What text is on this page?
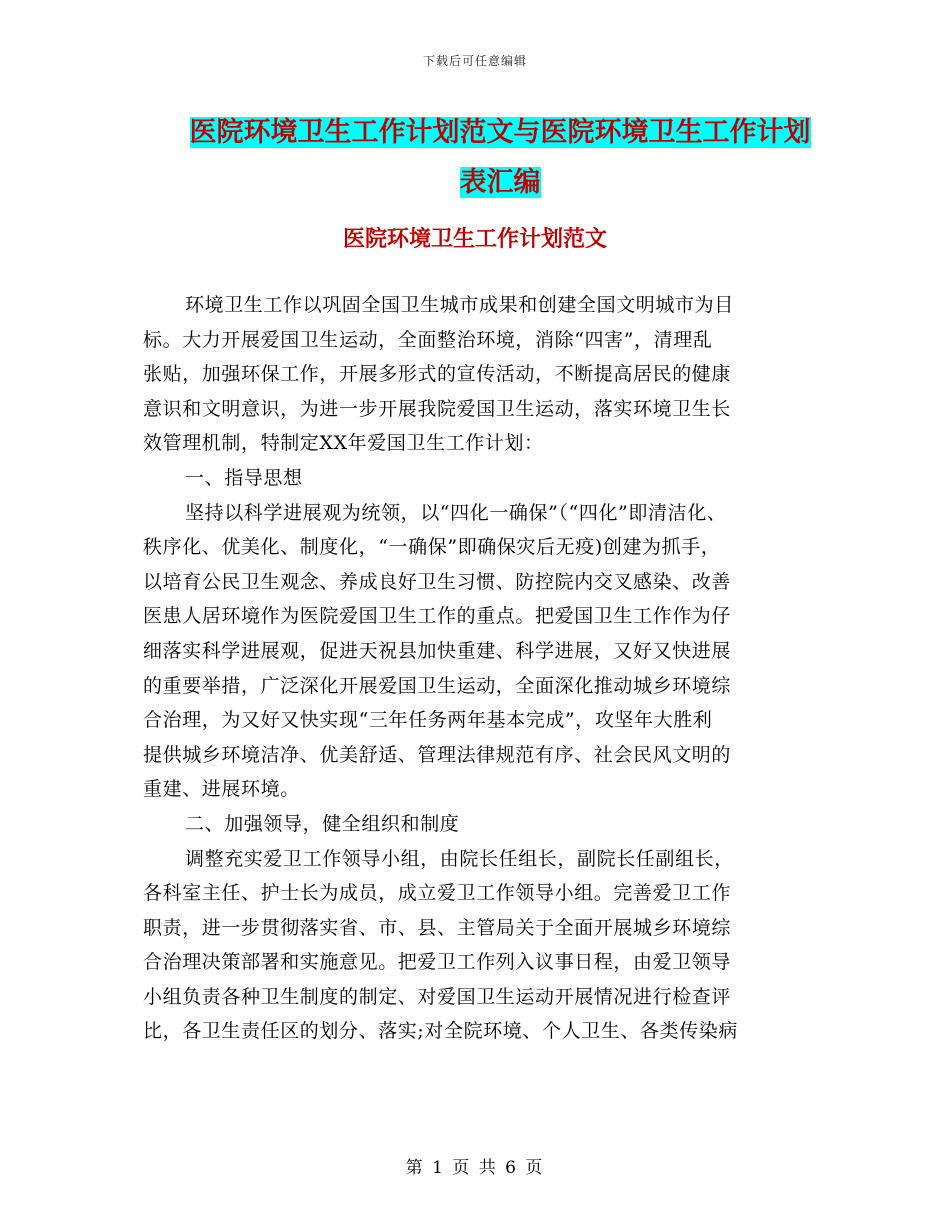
下载后可任意编辑
医院环境卫生工作计划范文与医院环境卫生工作计划
表汇编
医院环境卫生工作计划范文
环境卫生工作以巩固全国卫生城市成果和创建全国文明城市为目
标。大力开展爱国卫生运动，全面整治环境，消除“四害”，清理乱
张贴，加强环保工作，开展多形式的宣传活动，不断提高居民的健康
意识和文明意识，为进一步开展我院爱国卫生运动，落实环境卫生长
效管理机制，特制定XX年爱国卫生工作计划：
一、指导思想
坚持以科学进展观为统领，以“四化一确保”（“四化”即清洁化、
秩序化、优美化、制度化，“一确保”即确保灾后无疫)创建为抓手，
以培育公民卫生观念、养成良好卫生习惯、防控院内交叉感染、改善
医患人居环境作为医院爱国卫生工作的重点。把爱国卫生工作作为仔
细落实科学进展观，促进天祝县加快重建、科学进展，又好又快进展
的重要举措，广泛深化开展爱国卫生运动，全面深化推动城乡环境综
合治理，为又好又快实现“三年任务两年基本完成”，攻坚年大胜利
提供城乡环境洁净、优美舒适、管理法律规范有序、社会民风文明的
重建、进展环境。
二、加强领导，健全组织和制度
调整充实爱卫工作领导小组，由院长任组长，副院长任副组长，
各科室主任、护士长为成员，成立爱卫工作领导小组。完善爱卫工作
职责，进一步贯彻落实省、市、县、主管局关于全面开展城乡环境综
合治理决策部署和实施意见。把爱卫工作列入议事日程，由爱卫领导
小组负责各种卫生制度的制定、对爱国卫生运动开展情况进行检查评
比，各卫生责任区的划分、落实;对全院环境、个人卫生、各类传染病
第 1 页 共 6 页
